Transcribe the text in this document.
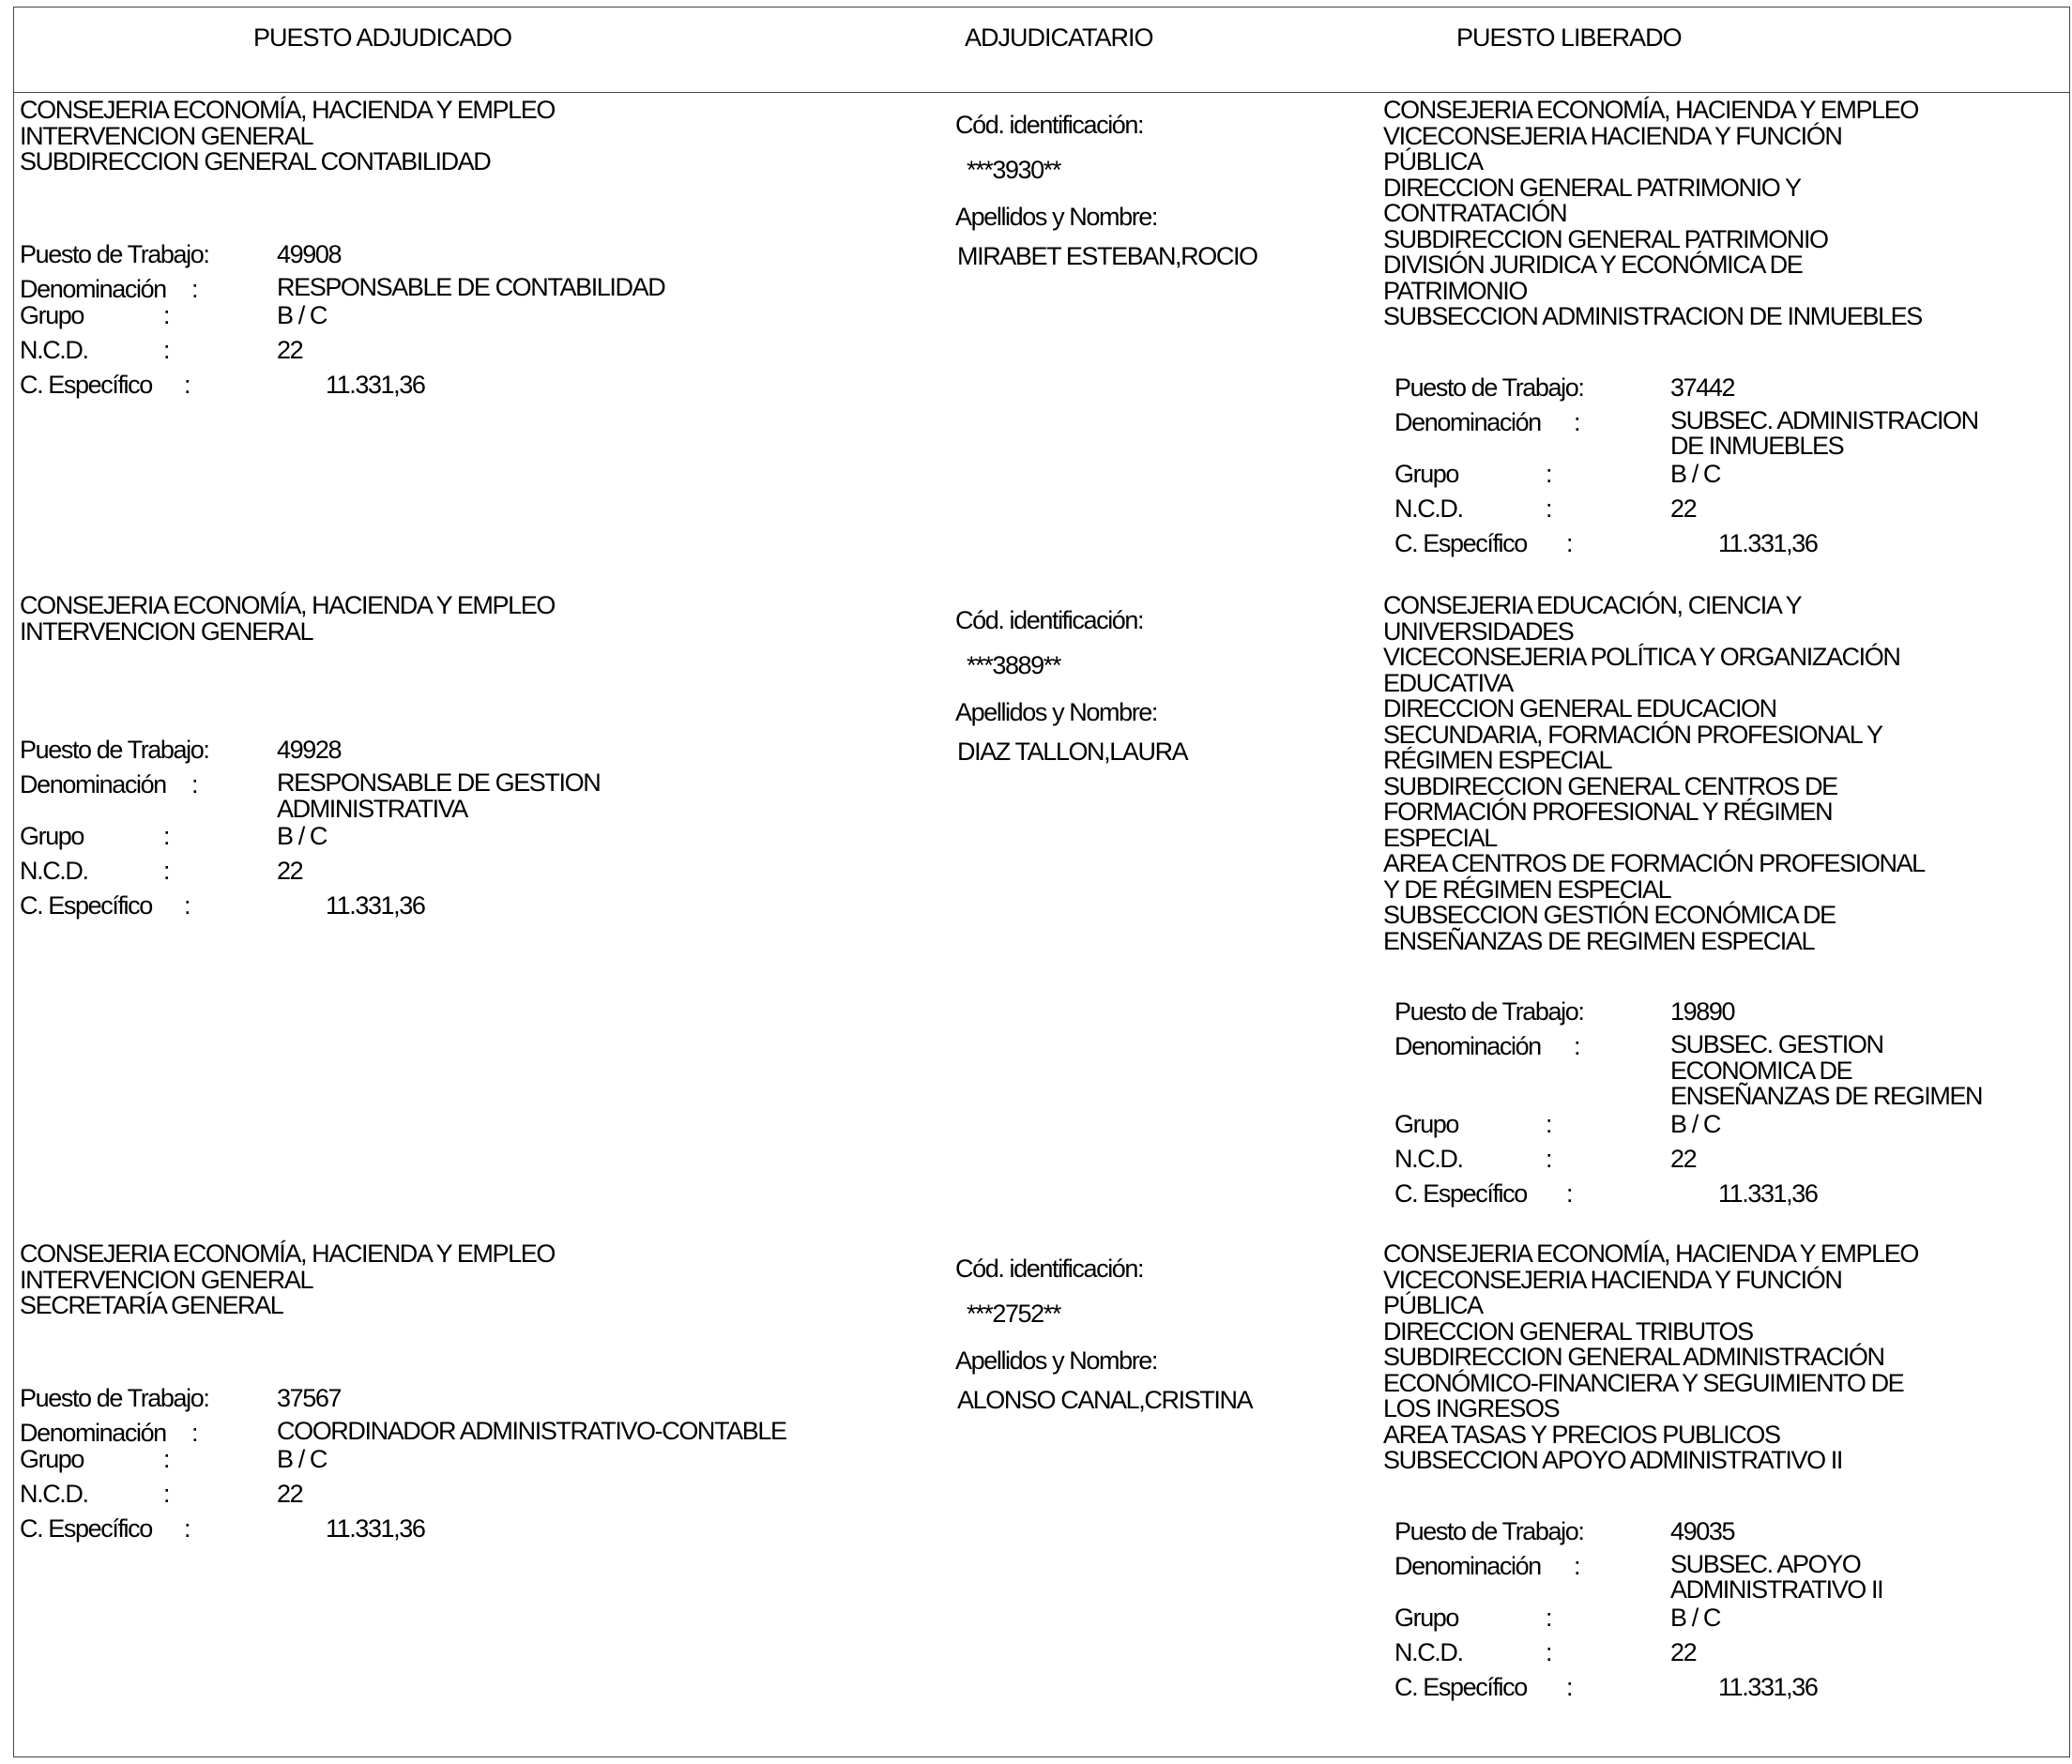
PUESTO ADJUDICADO	ADJUDICATARIO	PUESTO LIBERADO
CONSEJERIA ECONOMÍA, HACIENDA Y EMPLEO
INTERVENCION GENERAL
SUBDIRECCION GENERAL CONTABILIDAD
Puesto de Trabajo:	49908
Denominación :	RESPONSABLE DE CONTABILIDAD
Grupo	:	B / C
N.C.D.	:	22
C. Específico :	11.331,36
Cód. identificación:
***3930**
Apellidos y Nombre:
MIRABET ESTEBAN,ROCIO
CONSEJERIA ECONOMÍA, HACIENDA Y EMPLEO
VICECONSEJERIA HACIENDA Y FUNCIÓN
PÚBLICA
DIRECCION GENERAL PATRIMONIO Y
CONTRATACIÓN
SUBDIRECCION GENERAL PATRIMONIO
DIVISIÓN JURIDICA Y ECONÓMICA DE
PATRIMONIO
SUBSECCION ADMINISTRACION DE INMUEBLES
Puesto de Trabajo:	37442
Denominación :	SUBSEC. ADMINISTRACION
DE INMUEBLES
Grupo	:	B / C
N.C.D.	:	22
C. Específico :	11.331,36
CONSEJERIA ECONOMÍA, HACIENDA Y EMPLEO
INTERVENCION GENERAL
Puesto de Trabajo:	49928
Denominación :	RESPONSABLE DE GESTION
ADMINISTRATIVA
Grupo	:	B / C
N.C.D.	:	22
C. Específico :	11.331,36
Cód. identificación:
***3889**
Apellidos y Nombre:
DIAZ TALLON,LAURA
CONSEJERIA EDUCACIÓN, CIENCIA Y
UNIVERSIDADES
VICECONSEJERIA POLÍTICA Y ORGANIZACIÓN
EDUCATIVA
DIRECCION GENERAL EDUCACION
SECUNDARIA, FORMACIÓN PROFESIONAL Y
RÉGIMEN ESPECIAL
SUBDIRECCION GENERAL CENTROS DE
FORMACIÓN PROFESIONAL Y RÉGIMEN
ESPECIAL
AREA CENTROS DE FORMACIÓN PROFESIONAL
Y DE RÉGIMEN ESPECIAL
SUBSECCION GESTIÓN ECONÓMICA DE
ENSEÑANZAS DE REGIMEN ESPECIAL
Puesto de Trabajo:	19890
Denominación :	SUBSEC. GESTION
ECONOMICA DE
ENSEÑANZAS DE REGIMEN
Grupo	:	B / C
N.C.D.	:	22
C. Específico :	11.331,36
CONSEJERIA ECONOMÍA, HACIENDA Y EMPLEO
INTERVENCION GENERAL
SECRETARÍA GENERAL
Puesto de Trabajo:	37567
Denominación :	COORDINADOR ADMINISTRATIVO-CONTABLE
Grupo	:	B / C
N.C.D.	:	22
C. Específico :	11.331,36
Cód. identificación:
***2752**
Apellidos y Nombre:
ALONSO CANAL,CRISTINA
CONSEJERIA ECONOMÍA, HACIENDA Y EMPLEO
VICECONSEJERIA HACIENDA Y FUNCIÓN
PÚBLICA
DIRECCION GENERAL TRIBUTOS
SUBDIRECCION GENERAL ADMINISTRACIÓN
ECONÓMICO-FINANCIERA Y SEGUIMIENTO DE
LOS INGRESOS
AREA TASAS Y PRECIOS PUBLICOS
SUBSECCION APOYO ADMINISTRATIVO II
Puesto de Trabajo:	49035
Denominación :	SUBSEC. APOYO
ADMINISTRATIVO II
Grupo	:	B / C
N.C.D.	:	22
C. Específico :	11.331,36
